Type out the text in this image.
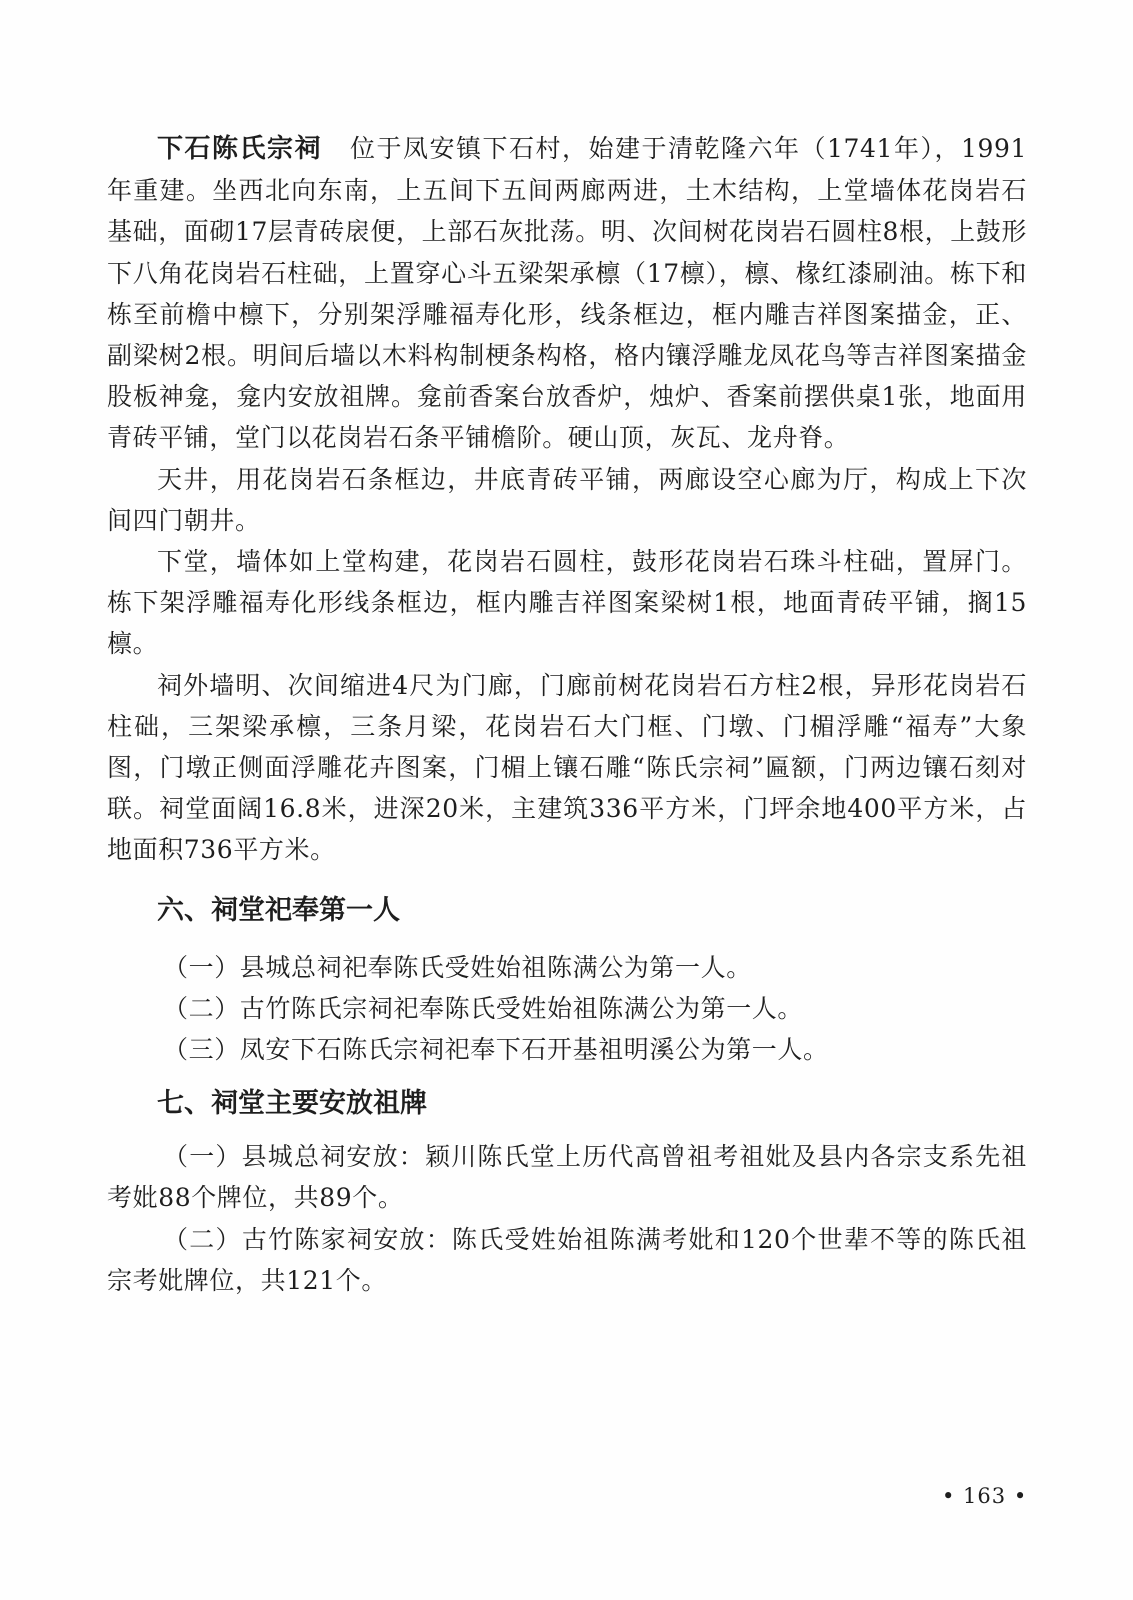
下石陈氏宗祠 位于凤安镇下石村，始建于清乾隆六年（1741年），1991年重建。坐西北向东南，上五间下五间两廊两进，土木结构，上堂墙体花岗岩石基础，面砌17层青砖扆便，上部石灰批荡。明、次间树花岗岩石圆柱8根，上鼓形下八角花岗岩石柱础，上置穿心斗五梁架承檩（17檩），檩、椽红漆刷油。栋下和栋至前檐中檩下，分别架浮雕福寿化形，线条框边，框内雕吉祥图案描金，正、副梁树2根。明间后墙以木料构制梗条构格，格内镶浮雕龙凤花鸟等吉祥图案描金股板神龛，龛内安放祖牌。龛前香案台放香炉，烛炉、香案前摆供桌1张，地面用青砖平铺，堂门以花岗岩石条平铺檐阶。硬山顶，灰瓦、龙舟脊。

天井，用花岗岩石条框边，井底青砖平铺，两廊设空心廊为厅，构成上下次间四门朝井。

下堂，墙体如上堂构建，花岗岩石圆柱，鼓形花岗岩石珠斗柱础，置屏门。栋下架浮雕福寿化形线条框边，框内雕吉祥图案梁树1根，地面青砖平铺，搁15檩。

祠外墙明、次间缩进4尺为门廊，门廊前树花岗岩石方柱2根，异形花岗岩石柱础，三架梁承檩，三条月梁，花岗岩石大门框、门墩、门楣浮雕“福寿”大象图，门墩正侧面浮雕花卉图案，门楣上镶石雕“陈氏宗祠”匾额，门两边镶石刻对联。祠堂面阔16.8米，进深20米，主建筑336平方米，门坪余地400平方米，占地面积736平方米。

六、祠堂祀奉第一人

（一）县城总祠祀奉陈氏受姓始祖陈满公为第一人。

（二）古竹陈氏宗祠祀奉陈氏受姓始祖陈满公为第一人。

（三）凤安下石陈氏宗祠祀奉下石开基祖明溪公为第一人。

七、祠堂主要安放祖牌

（一）县城总祠安放：颖川陈氏堂上历代高曾祖考祖妣及县内各宗支系先祖考妣88个牌位，共89个。

（二）古竹陈家祠安放：陈氏受姓始祖陈满考妣和120个世辈不等的陈氏祖宗考妣牌位，共121个。

• 163 •
